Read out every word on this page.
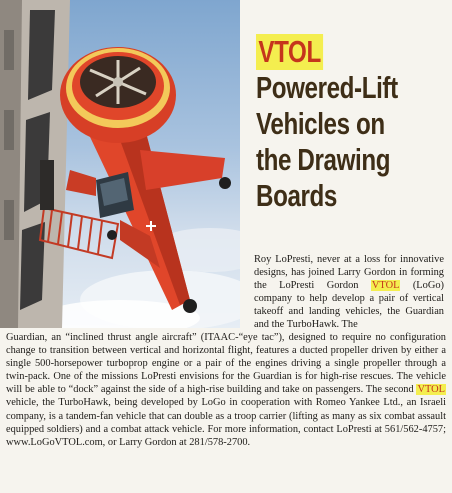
VTOL
Powered-Lift
Vehicles on
the Drawing
Boards
Roy LoPresti, never at a loss for innovative designs, has joined Larry Gordon in forming the LoPresti Gordon VTOL (LoGo) company to help develop a pair of vertical takeoff and landing vehicles, the Guardian and the TurboHawk. The
Guardian, an “inclined thrust angle aircraft” (ITAAC-“eye tac”), designed to require no configuration change to transition between vertical and horizontal flight, features a ducted propeller driven by either a single 500-horsepower turboprop engine or a pair of the engines driving a single propeller through a twin-pack. One of the missions LoPresti envisions for the Guardian is for high-rise rescues. The vehicle will be able to “dock” against the side of a high-rise building and take on passengers. The second VTOL vehicle, the TurboHawk, being developed by LoGo in cooperation with Romeo Yankee Ltd., an Israeli company, is a tandem-fan vehicle that can double as a troop carrier (lifting as many as six combat assault equipped soldiers) and a combat attack vehicle. For more information, contact LoPresti at 561/562-4757; www.LoGoVTOL.com, or Larry Gordon at 281/578-2700.
